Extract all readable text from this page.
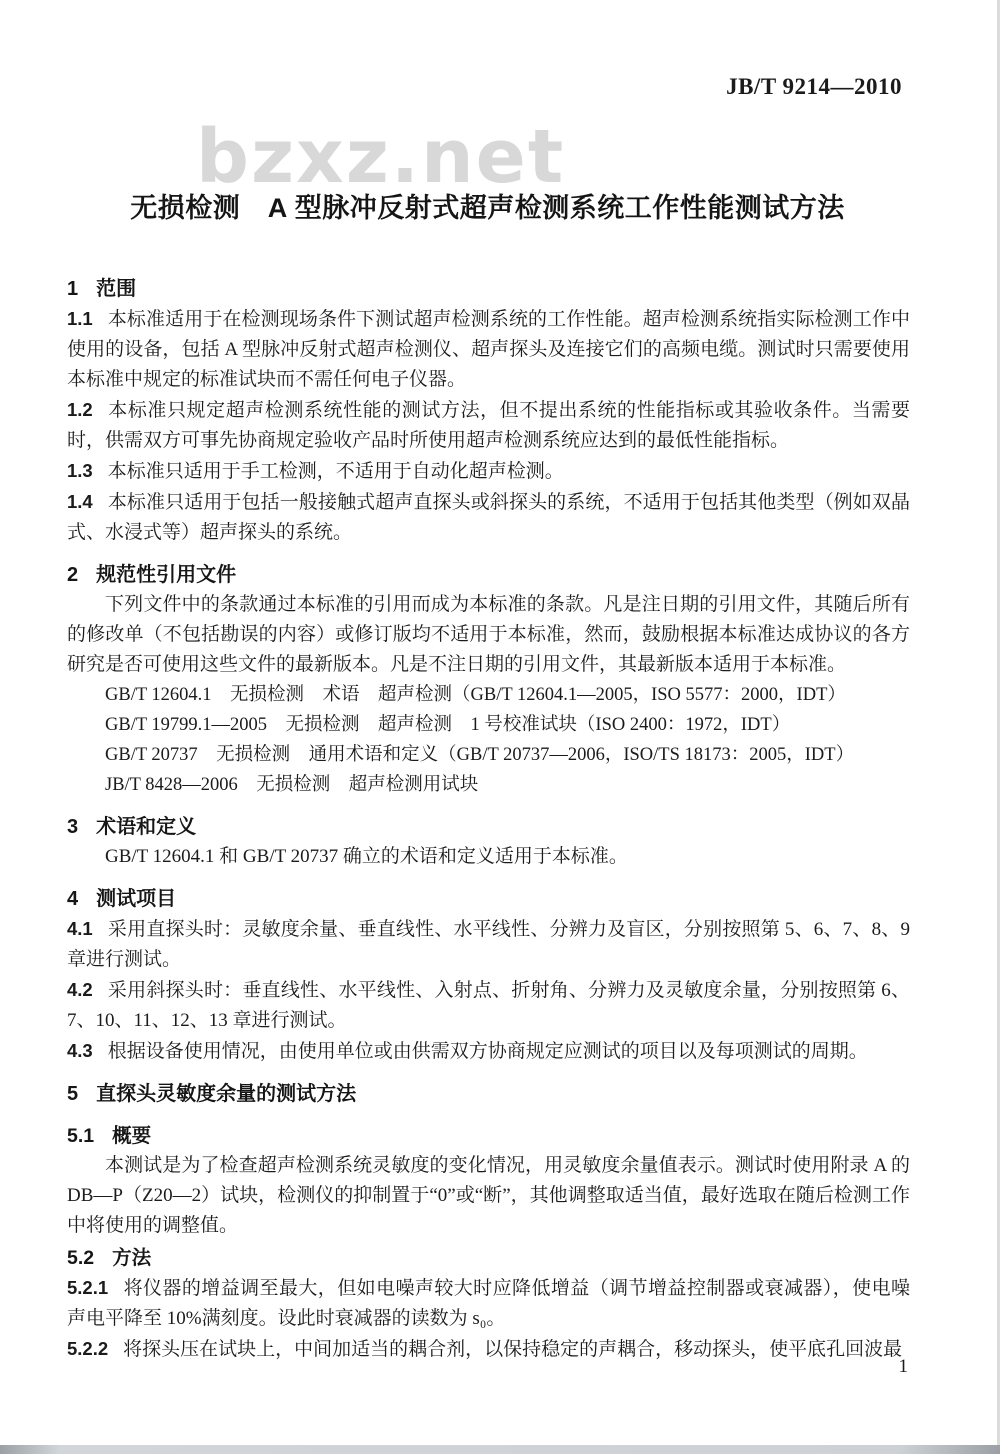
JB/T 9214—2010
bzxz.net
无损检测　A 型脉冲反射式超声检测系统工作性能测试方法
1 范围

1.1 本标准适用于在检测现场条件下测试超声检测系统的工作性能。超声检测系统指实际检测工作中使用的设备，包括 A 型脉冲反射式超声检测仪、超声探头及连接它们的高频电缆。测试时只需要使用本标准中规定的标准试块而不需任何电子仪器。

1.2 本标准只规定超声检测系统性能的测试方法，但不提出系统的性能指标或其验收条件。当需要时，供需双方可事先协商规定验收产品时所使用超声检测系统应达到的最低性能指标。

1.3 本标准只适用于手工检测，不适用于自动化超声检测。

1.4 本标准只适用于包括一般接触式超声直探头或斜探头的系统，不适用于包括其他类型（例如双晶式、水浸式等）超声探头的系统。

2 规范性引用文件

下列文件中的条款通过本标准的引用而成为本标准的条款。凡是注日期的引用文件，其随后所有的修改单（不包括勘误的内容）或修订版均不适用于本标准，然而，鼓励根据本标准达成协议的各方研究是否可使用这些文件的最新版本。凡是不注日期的引用文件，其最新版本适用于本标准。

GB/T 12604.1　无损检测　术语　超声检测（GB/T 12604.1—2005，ISO 5577：2000，IDT）

GB/T 19799.1—2005　无损检测　超声检测　1 号校准试块（ISO 2400：1972，IDT）

GB/T 20737　无损检测　通用术语和定义（GB/T 20737—2006，ISO/TS 18173：2005，IDT）

JB/T 8428—2006　无损检测　超声检测用试块

3 术语和定义

GB/T 12604.1 和 GB/T 20737 确立的术语和定义适用于本标准。

4 测试项目

4.1 采用直探头时：灵敏度余量、垂直线性、水平线性、分辨力及盲区，分别按照第 5、6、7、8、9 章进行测试。

4.2 采用斜探头时：垂直线性、水平线性、入射点、折射角、分辨力及灵敏度余量，分别按照第 6、7、10、11、12、13 章进行测试。

4.3 根据设备使用情况，由使用单位或由供需双方协商规定应测试的项目以及每项测试的周期。

5 直探头灵敏度余量的测试方法
5.1 概要

本测试是为了检查超声检测系统灵敏度的变化情况，用灵敏度余量值表示。测试时使用附录 A 的 DB—P（Z20—2）试块，检测仪的抑制置于“0”或“断”，其他调整取适当值，最好选取在随后检测工作中将使用的调整值。

5.2 方法

5.2.1 将仪器的增益调至最大，但如电噪声较大时应降低增益（调节增益控制器或衰减器），使电噪声电平降至 10%满刻度。设此时衰减器的读数为 s₀。

5.2.2 将探头压在试块上，中间加适当的耦合剂，以保持稳定的声耦合，移动探头，使平底孔回波最

1
